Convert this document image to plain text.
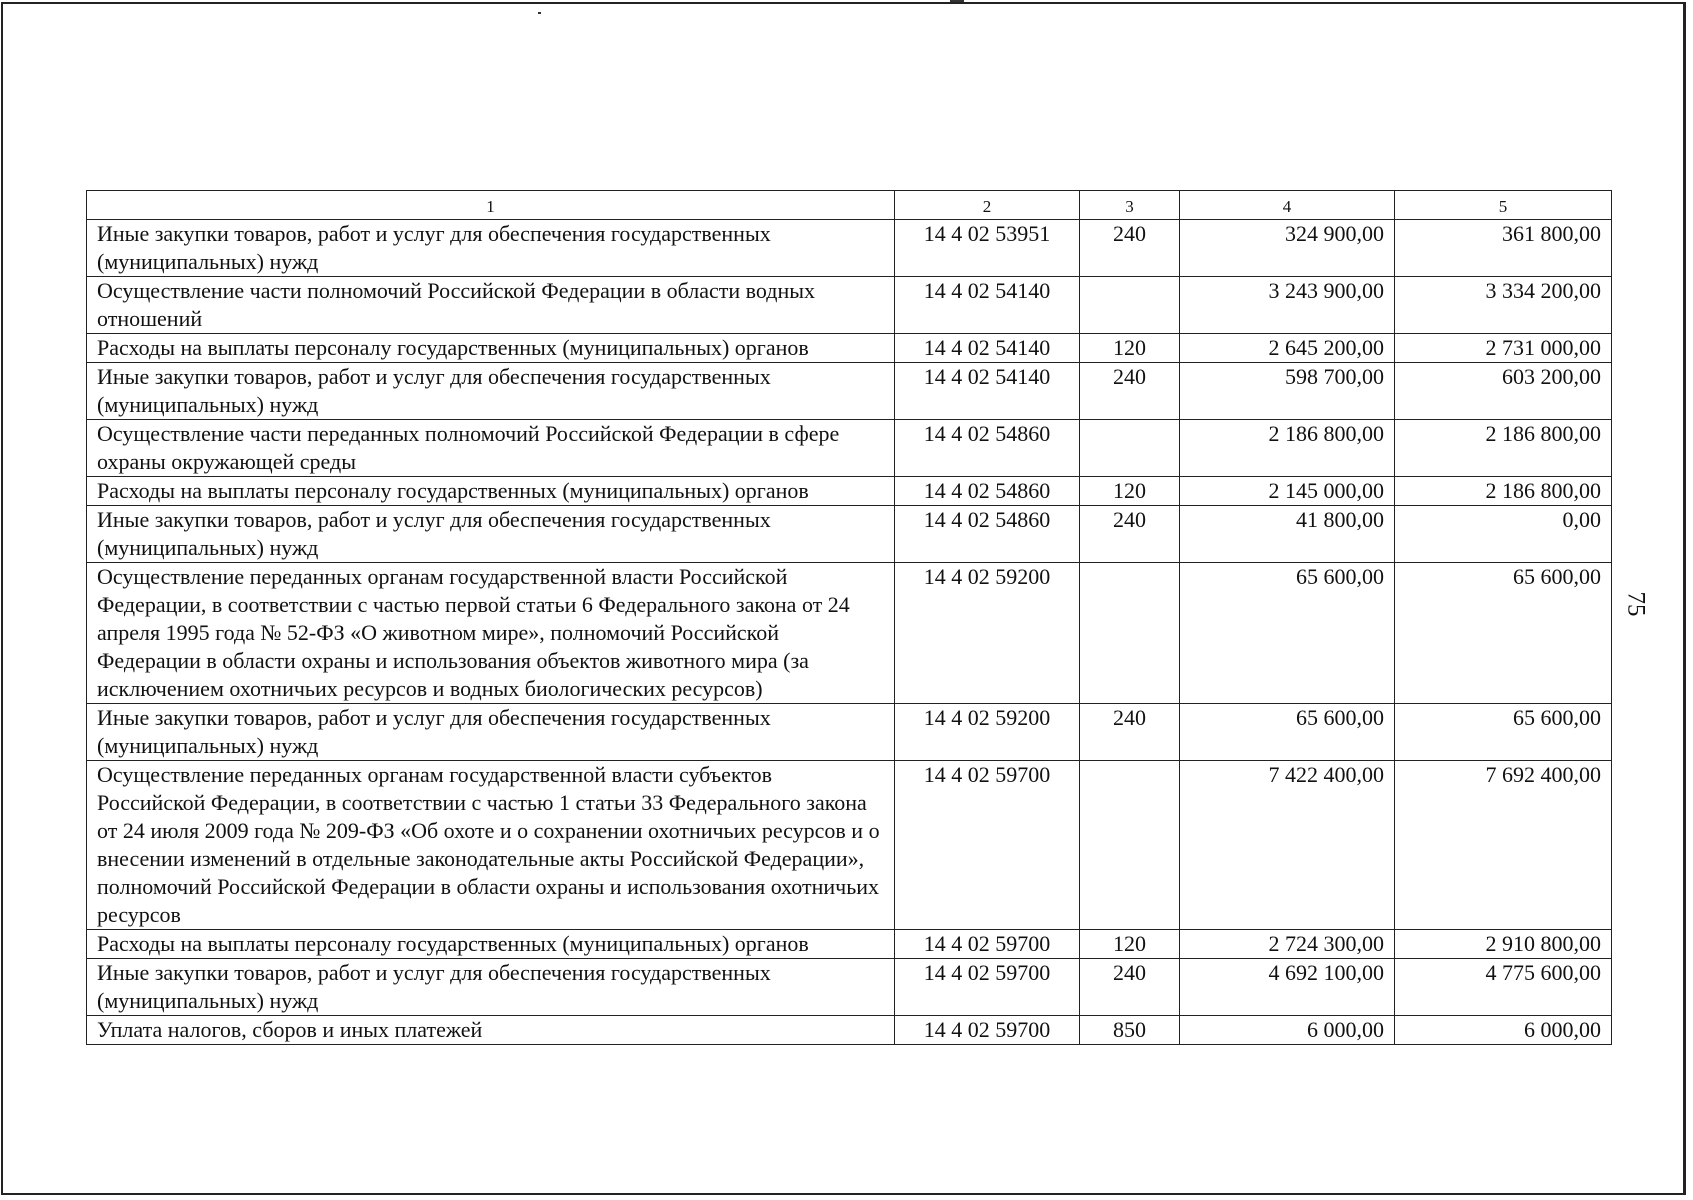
75
1	2	3	4	5
Иные закупки товаров, работ и услуг для обеспечения государственных (муниципальных) нужд	14 4 02 53951	240	324 900,00	361 800,00
Осуществление части полномочий Российской Федерации в области водных отношений	14 4 02 54140		3 243 900,00	3 334 200,00
Расходы на выплаты персоналу государственных (муниципальных) органов	14 4 02 54140	120	2 645 200,00	2 731 000,00
Иные закупки товаров, работ и услуг для обеспечения государственных (муниципальных) нужд	14 4 02 54140	240	598 700,00	603 200,00
Осуществление части переданных полномочий Российской Федерации в сфере охраны окружающей среды	14 4 02 54860		2 186 800,00	2 186 800,00
Расходы на выплаты персоналу государственных (муниципальных) органов	14 4 02 54860	120	2 145 000,00	2 186 800,00
Иные закупки товаров, работ и услуг для обеспечения государственных (муниципальных) нужд	14 4 02 54860	240	41 800,00	0,00
Осуществление переданных органам государственной власти Российской Федерации, в соответствии с частью первой статьи 6 Федерального закона от 24 апреля 1995 года № 52-ФЗ «О животном мире», полномочий Российской Федерации в области охраны и использования объектов животного мира (за исключением охотничьих ресурсов и водных биологических ресурсов)	14 4 02 59200		65 600,00	65 600,00
Иные закупки товаров, работ и услуг для обеспечения государственных (муниципальных) нужд	14 4 02 59200	240	65 600,00	65 600,00
Осуществление переданных органам государственной власти субъектов Российской Федерации, в соответствии с частью 1 статьи 33 Федерального закона от 24 июля 2009 года № 209-ФЗ «Об охоте и о сохранении охотничьих ресурсов и о внесении изменений в отдельные законодательные акты Российской Федерации», полномочий Российской Федерации в области охраны и использования охотничьих ресурсов	14 4 02 59700		7 422 400,00	7 692 400,00
Расходы на выплаты персоналу государственных (муниципальных) органов	14 4 02 59700	120	2 724 300,00	2 910 800,00
Иные закупки товаров, работ и услуг для обеспечения государственных (муниципальных) нужд	14 4 02 59700	240	4 692 100,00	4 775 600,00
Уплата налогов, сборов и иных платежей	14 4 02 59700	850	6 000,00	6 000,00
